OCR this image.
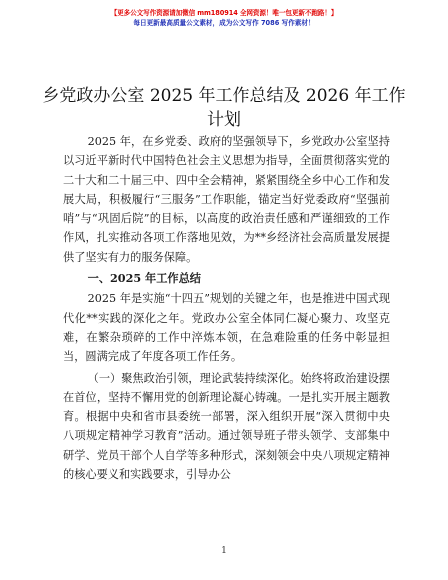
【更多公文写作资源请加微信 mm180914 全网资源！唯一包更新不跑路！】
每日更新最高质量公文素材，成为公文写作 7086 写作素材！
乡党政办公室 2025 年工作总结及 2026 年工作计划

2025 年，在乡党委、政府的坚强领导下，乡党政办公室坚持以习近平新时代中国特色社会主义思想为指导，全面贯彻落实党的二十大和二十届三中、四中全会精神，紧紧围绕全乡中心工作和发展大局，积极履行“三服务”工作职能，锚定当好党委政府“坚强前哨”与“巩固后院”的目标，以高度的政治责任感和严谨细致的工作作风，扎实推动各项工作落地见效，为**乡经济社会高质量发展提供了坚实有力的服务保障。

一、2025 年工作总结

2025 年是实施“十四五”规划的关键之年，也是推进中国式现代化**实践的深化之年。党政办公室全体同仁凝心聚力、攻坚克难，在繁杂琐碎的工作中淬炼本领，在急难险重的任务中彰显担当，圆满完成了年度各项工作任务。

（一）聚焦政治引领，理论武装持续深化。始终将政治建设摆在首位，坚持不懈用党的创新理论凝心铸魂。一是扎实开展主题教育。根据中央和省市县委统一部署，深入组织开展“深入贯彻中央八项规定精神学习教育”活动。通过领导班子带头领学、支部集中研学、党员干部个人自学等多种形式，深刻领会中央八项规定精神的核心要义和实践要求，引导办公

1
